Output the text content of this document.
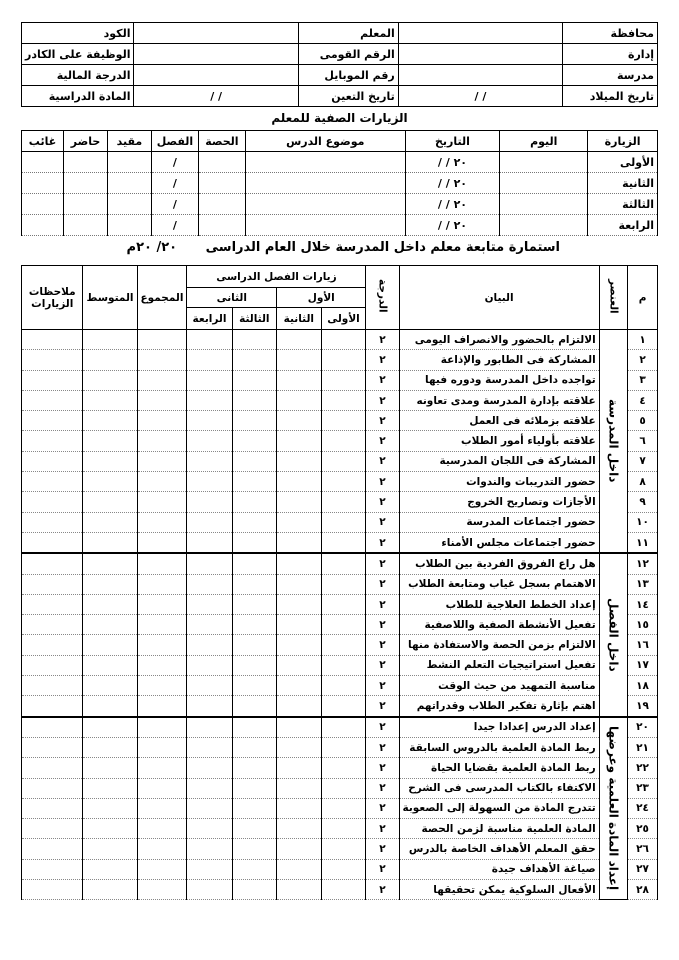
محافظة		المعلم		الكود
إدارة		الرقم القومى		الوظيفة على الكادر
مدرسة		رقم الموبايل		الدرجة المالية
تاريخ الميلاد	/ /	تاريخ التعين	/ /	المادة الدراسية
الزيارات الصفية للمعلم
الزيارة	اليوم	التاريخ	موضوع الدرس	الحصة	الفصل	مقيد	حاضر	غائب
الأولى		٢٠ / /			/			
الثانية		٢٠ / /			/			
الثالثة		٢٠ / /			/			
الرابعة		٢٠ / /			/			
استمارة متابعة معلم داخل المدرسة خلال العام الدراسى ٢٠/ ٢٠م
م	العنصر	البيان	الدرجة	زيارات الفصل الدراسى				المجموع	المتوسط	ملاحظات الزيارات
				الأول		الثانى				
				الأولى	الثانية	الثالثة	الرابعة			
١	داخل المدرسة	الالتزام بالحضور والانصراف اليومى	٢							
٢		المشاركة فى الطابور والإذاعة	٢							
٣		تواجده داخل المدرسة ودوره فيها	٢							
٤		علاقته بإدارة المدرسة ومدى تعاونه	٢							
٥		علاقته بزملائه فى العمل	٢							
٦		علاقته بأولياء أمور الطلاب	٢							
٧		المشاركة فى اللجان المدرسية	٢							
٨		حضور التدريبات والندوات	٢							
٩		الأجازات وتصاريح الخروج	٢							
١٠		حضور اجتماعات المدرسة	٢							
١١		حضور اجتماعات مجلس الأمناء	٢							
١٢	داخل الفصل	هل راع الفروق الفردية بين الطلاب	٢							
١٣		الاهتمام بسجل غياب ومتابعة الطلاب	٢							
١٤		إعداد الخطط العلاجية للطلاب	٢							
١٥		تفعيل الأنشطة الصفية واللاصفية	٢							
١٦		الالتزام بزمن الحصة والاستفادة منها	٢							
١٧		تفعيل استراتيجيات التعلم النشط	٢							
١٨		مناسبة التمهيد من حيث الوقت	٢							
١٩		اهتم بإثارة تفكير الطلاب وقدراتهم	٢							
٢٠	إعداد المادة العلمية وعرضها	إعداد الدرس إعدادا جيدا	٢							
٢١		ربط المادة العلمية بالدروس السابقة	٢							
٢٢		ربط المادة العلمية بقضايا الحياة	٢							
٢٣		الاكتفاء بالكتاب المدرسى فى الشرح	٢							
٢٤		تتدرج المادة من السهولة إلى الصعوبة	٢							
٢٥		المادة العلمية مناسبة لزمن الحصة	٢							
٢٦		حقق المعلم الأهداف الخاصة بالدرس	٢							
٢٧		صياغة الأهداف جيدة	٢							
٢٨		الأفعال السلوكية يمكن تحقيقها	٢							
